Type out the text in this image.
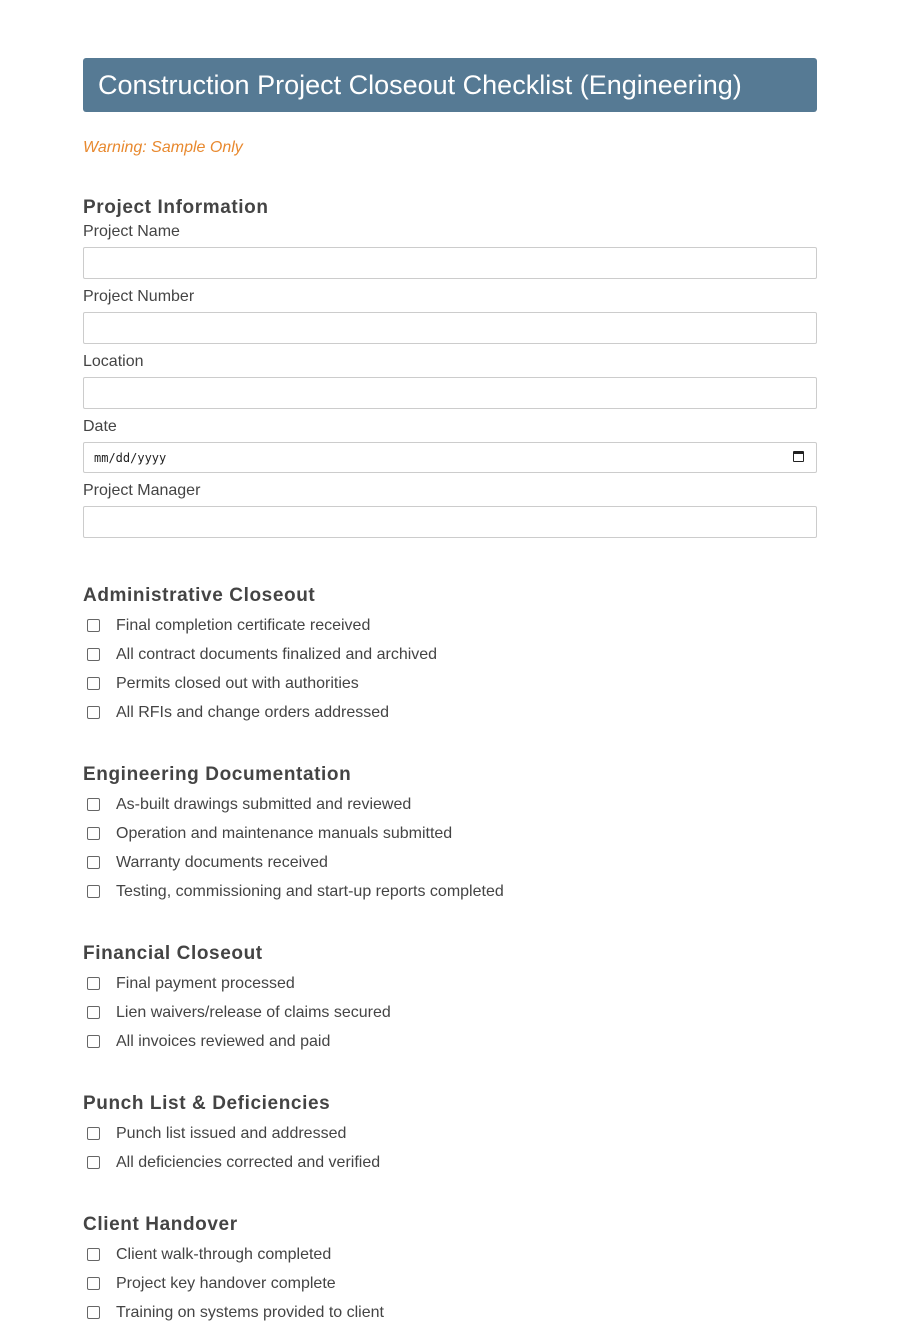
Construction Project Closeout Checklist (Engineering)
Warning: Sample Only
Project Information
Project Name
Project Number
Location
Date
mm/dd/yyyy
Project Manager
Administrative Closeout
Final completion certificate received
All contract documents finalized and archived
Permits closed out with authorities
All RFIs and change orders addressed
Engineering Documentation
As-built drawings submitted and reviewed
Operation and maintenance manuals submitted
Warranty documents received
Testing, commissioning and start-up reports completed
Financial Closeout
Final payment processed
Lien waivers/release of claims secured
All invoices reviewed and paid
Punch List & Deficiencies
Punch list issued and addressed
All deficiencies corrected and verified
Client Handover
Client walk-through completed
Project key handover complete
Training on systems provided to client
